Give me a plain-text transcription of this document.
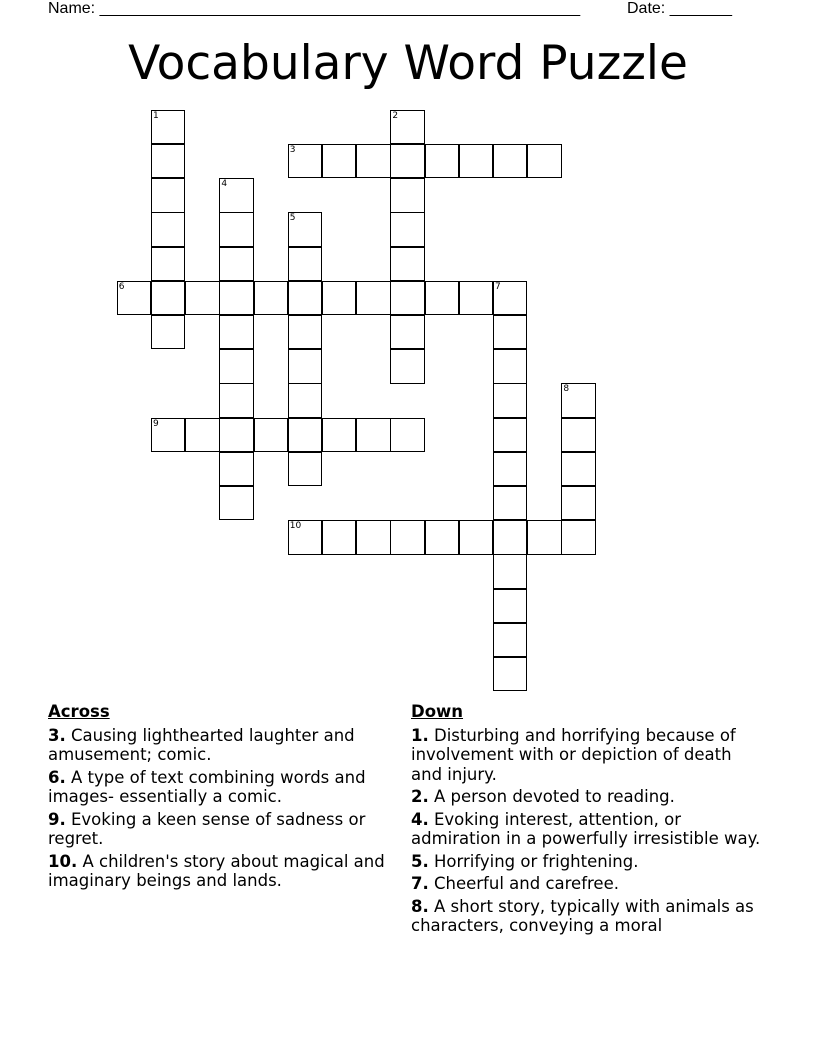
Name: ______________________________________________________	Date: _______
Vocabulary Word Puzzle
1	2
3
4
5
6	7
8
9
10
Across
3. Causing lighthearted laughter and amusement; comic.
6. A type of text combining words and images- essentially a comic.
9. Evoking a keen sense of sadness or regret.
10. A children's story about magical and imaginary beings and lands.
Down
1. Disturbing and horrifying because of involvement with or depiction of death and injury.
2. A person devoted to reading.
4. Evoking interest, attention, or admiration in a powerfully irresistible way.
5. Horrifying or frightening.
7. Cheerful and carefree.
8. A short story, typically with animals as characters, conveying a moral
